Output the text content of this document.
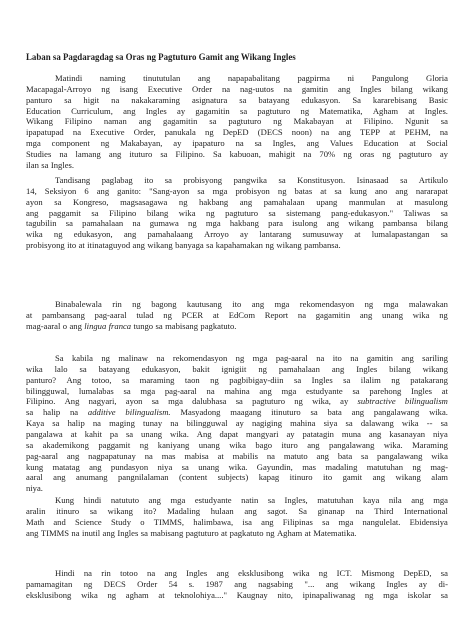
Laban sa Pagdaragdag sa Oras ng Pagtuturo Gamit ang Wikang Ingles
Matindi naming tinututulan ang napapabalitang pagpirma ni Pangulong Gloria
Macapagal-Arroyo ng isang Executive Order na nag-uutos na gamitin ang Ingles bilang wikang
panturo sa higit na nakakaraming asignatura sa batayang edukasyon. Sa kararebisang Basic
Education Curriculum, ang Ingles ay gagamitin sa pagtuturo ng Matematika, Agham at Ingles.
Wikang Filipino naman ang gagamitin sa pagtuturo ng Makabayan at Filipino. Ngunit sa
ipapatupad na Executive Order, panukala ng DepED (DECS noon) na ang TEPP at PEHM, na
mga component ng Makabayan, ay ipapaturo na sa Ingles, ang Values Education at Social
Studies na lamang ang ituturo sa Filipino. Sa kabuoan, mahigit na 70% ng oras ng pagtuturo ay
ilan sa Ingles.
Tandisang paglabag ito sa probisyong pangwika sa Konstitusyon. Isinasaad sa Artikulo
14, Seksiyon 6 ang ganito: "Sang-ayon sa mga probisyon ng batas at sa kung ano ang nararapat
ayon sa Kongreso, magsasagawa ng hakbang ang pamahalaan upang manmulan at masulong
ang paggamit sa Filipino bilang wika ng pagtuturo sa sistemang pang-edukasyon." Taliwas sa
tagubilin sa pamahalaan na gumawa ng mga hakbang para isulong ang wikang pambansa bilang
wika ng edukasyon, ang pamahalaang Arroyo ay lantarang sumusuway at lumalapastangan sa
probisyong ito at itinataguyod ang wikang banyaga sa kapahamakan ng wikang pambansa.
Binabalewala rin ng bagong kautusang ito ang mga rekomendasyon ng mga malawakan
at pambansang pag-aaral tulad ng PCER at EdCom Report na gagamitin ang unang wika ng
mag-aaral o ang lingua franca tungo sa mabisang pagkatuto.
Sa kabila ng malinaw na rekomendasyon ng mga pag-aaral na ito na gamitin ang sariling
wika lalo sa batayang edukasyon, bakit ignigiit ng pamahalaan ang Ingles bilang wikang
panturo? Ang totoo, sa maraming taon ng pagbibigay-diin sa Ingles sa ilalim ng patakarang
bilingguwal, lumalabas sa mga pag-aaral na mahina ang mga estudyante sa parehong Ingles at
Filipino. Ang nagyari, ayon sa mga dalubhasa sa pagtuturo ng wika, ay subtractive bilingualism
sa halip na additive bilingualism. Masyadong maagang itinuturo sa bata ang pangalawang wika.
Kaya sa halip na maging tunay na bilingguwal ay nagiging mahina siya sa dalawang wika -- sa
pangalawa at kahit pa sa unang wika. Ang dapat mangyari ay patatagin muna ang kasanayan niya
sa akademikong paggamit ng kaniyang unang wika bago ituro ang pangalawang wika. Maraming
pag-aaral ang nagpapatunay na mas mabisa at mabilis na matuto ang bata sa pangalawang wika
kung matatag ang pundasyon niya sa unang wika. Gayundin, mas madaling matutuhan ng mag-
aaral ang anumang pangnilalaman (content subjects) kapag itinuro ito gamit ang wikang alam
niya.
Kung hindi natututo ang mga estudyante natin sa Ingles, matutuhan kaya nila ang mga
aralin itinuro sa wikang ito? Madaling hulaan ang sagot. Sa ginanap na Third International
Math and Science Study o TIMMS, halimbawa, isa ang Filipinas sa mga nangulelat. Ebidensiya
ang TIMMS na inutil ang Ingles sa mabisang pagtuturo at pagkatuto ng Agham at Matematika.
Hindi na rin totoo na ang Ingles ang eksklusibong wika ng ICT. Mismong DepED, sa
pamamagitan ng DECS Order 54 s. 1987 ang nagsabing "... ang wikang Ingles ay di-
eksklusibong wika ng agham at teknolohiya...." Kaugnay nito, ipinapaliwanag ng mga iskolar sa
